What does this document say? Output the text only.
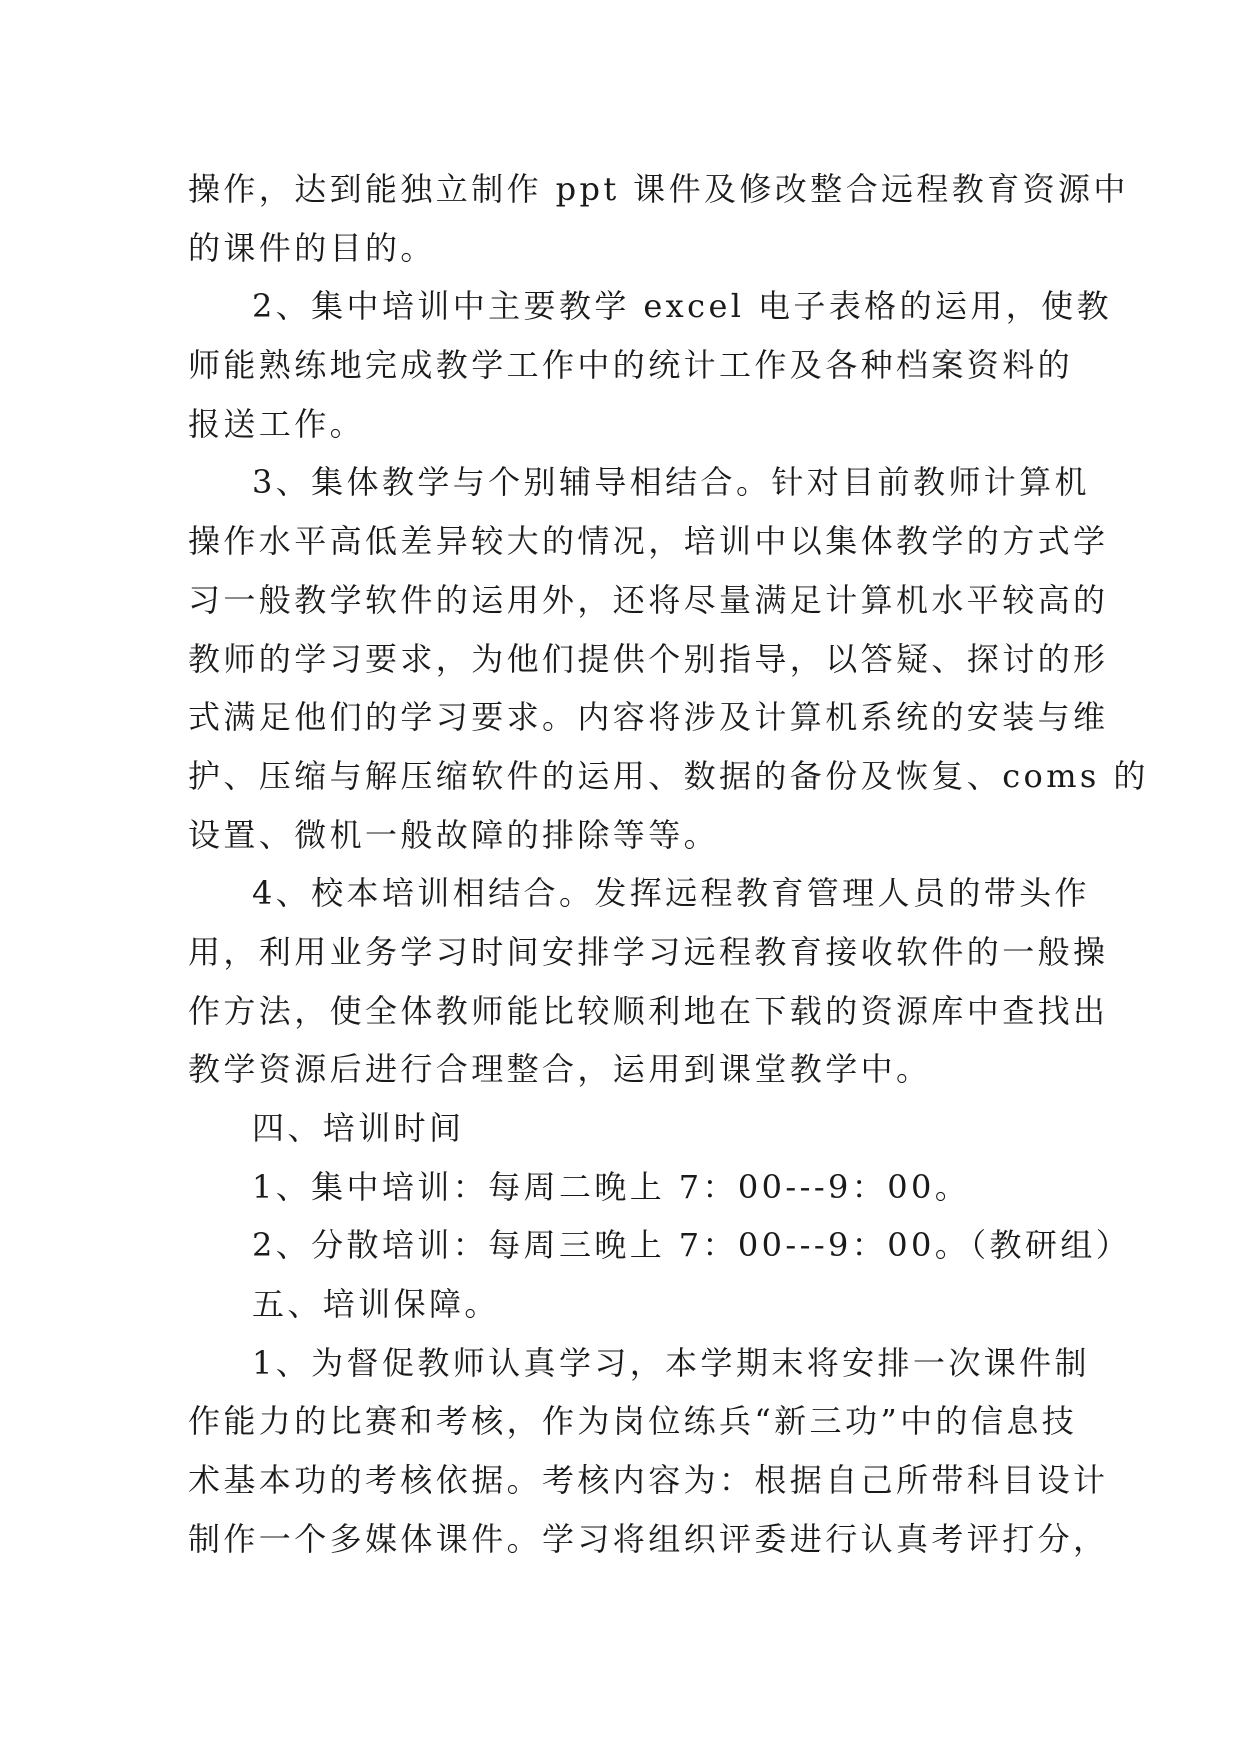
操作，达到能独立制作 ppt 课件及修改整合远程教育资源中
的课件的目的。
2、集中培训中主要教学 excel 电子表格的运用，使教
师能熟练地完成教学工作中的统计工作及各种档案资料的
报送工作。
3、集体教学与个别辅导相结合。针对目前教师计算机
操作水平高低差异较大的情况，培训中以集体教学的方式学
习一般教学软件的运用外，还将尽量满足计算机水平较高的
教师的学习要求，为他们提供个别指导，以答疑、探讨的形
式满足他们的学习要求。内容将涉及计算机系统的安装与维
护、压缩与解压缩软件的运用、数据的备份及恢复、coms 的
设置、微机一般故障的排除等等。
4、校本培训相结合。发挥远程教育管理人员的带头作
用，利用业务学习时间安排学习远程教育接收软件的一般操
作方法，使全体教师能比较顺利地在下载的资源库中查找出
教学资源后进行合理整合，运用到课堂教学中。
四、培训时间
1、集中培训：每周二晚上 7：00---9：00。
2、分散培训：每周三晚上 7：00---9：00。（教研组）
五、培训保障。
1、为督促教师认真学习，本学期末将安排一次课件制
作能力的比赛和考核，作为岗位练兵“新三功”中的信息技
术基本功的考核依据。考核内容为：根据自己所带科目设计
制作一个多媒体课件。学习将组织评委进行认真考评打分，
